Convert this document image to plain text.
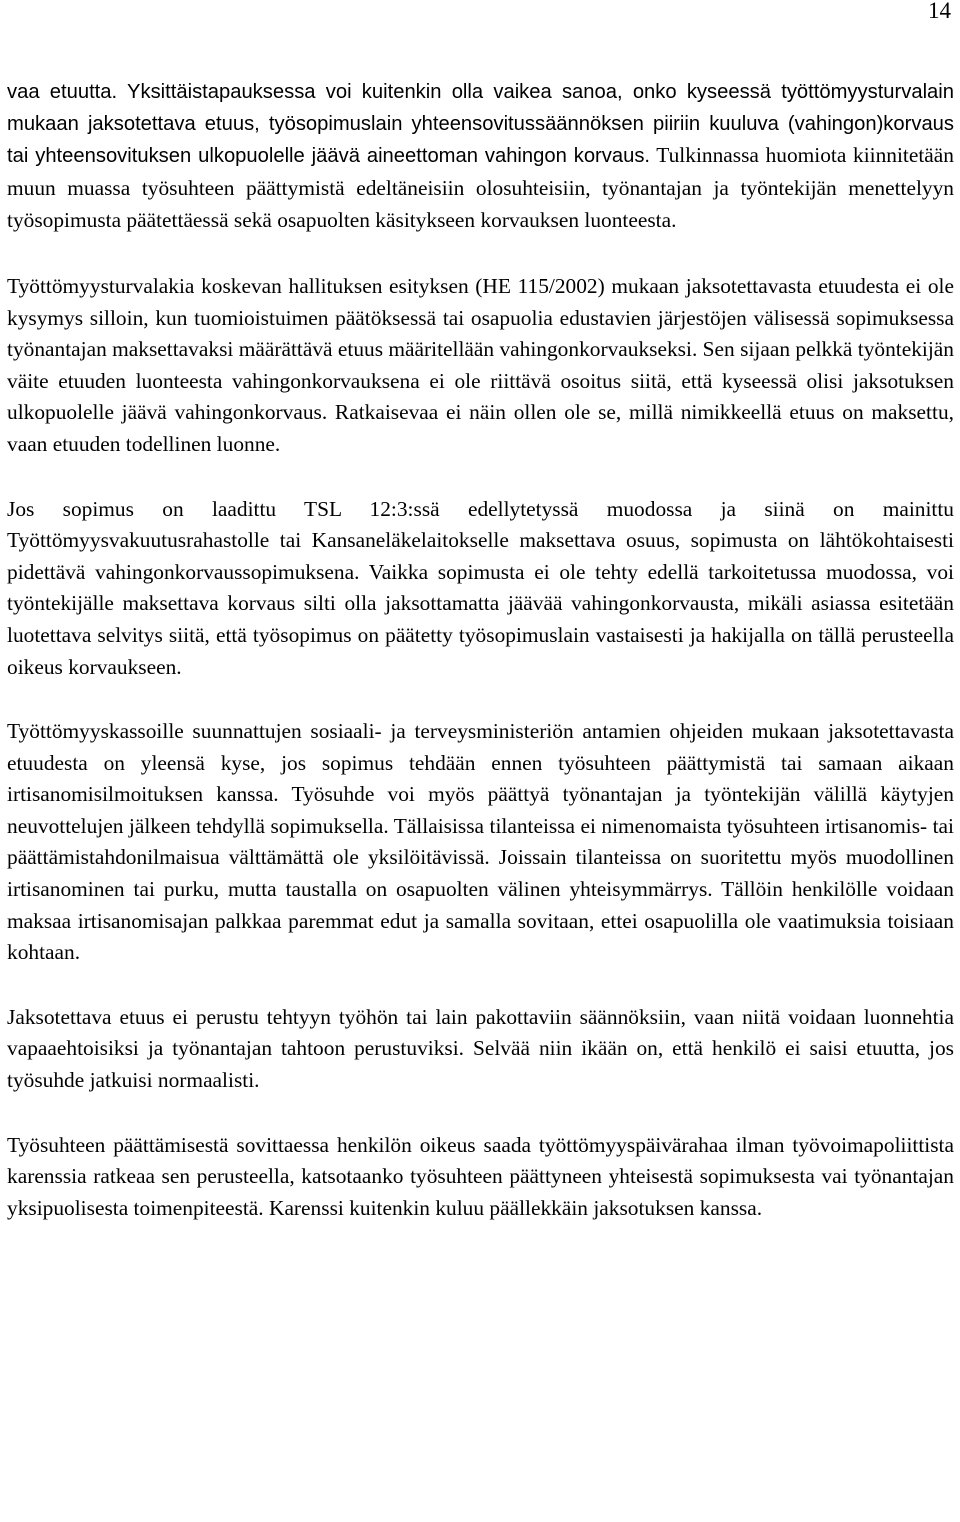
14

vaa etuutta. Yksittäistapauksessa voi kuitenkin olla vaikea sanoa, onko kyseessä työttömyysturvalain mukaan jaksotettava etuus, työsopimuslain yhteensovitussäännöksen piiriin kuuluva (vahingon)korvaus tai yhteensovituksen ulkopuolelle jäävä aineettoman vahingon korvaus. Tulkinnassa huomiota kiinnitetään muun muassa työsuhteen päättymistä edeltäneisiin olosuhteisiin, työnantajan ja työntekijän menettelyyn työsopimusta päätettäessä sekä osapuolten käsitykseen korvauksen luonteesta.

Työttömyysturvalakia koskevan hallituksen esityksen (HE 115/2002) mukaan jaksotettavasta etuudesta ei ole kysymys silloin, kun tuomioistuimen päätöksessä tai osapuolia edustavien järjestöjen välisessä sopimuksessa työnantajan maksettavaksi määrättävä etuus määritellään vahingonkorvaukseksi. Sen sijaan pelkkä työntekijän väite etuuden luonteesta vahingonkorvauksena ei ole riittävä osoitus siitä, että kyseessä olisi jaksotuksen ulkopuolelle jäävä vahingonkorvaus. Ratkaisevaa ei näin ollen ole se, millä nimikkeellä etuus on maksettu, vaan etuuden todellinen luonne.

Jos sopimus on laadittu TSL 12:3:ssä edellytetyssä muodossa ja siinä on mainittu Työttömyysvakuutusrahastolle tai Kansaneläkelaitokselle maksettava osuus, sopimusta on lähtökohtaisesti pidettävä vahingonkorvaussopimuksena. Vaikka sopimusta ei ole tehty edellä tarkoitetussa muodossa, voi työntekijälle maksettava korvaus silti olla jaksottamatta jäävää vahingonkorvausta, mikäli asiassa esitetään luotettava selvitys siitä, että työsopimus on päätetty työsopimuslain vastaisesti ja hakijalla on tällä perusteella oikeus korvaukseen.

Työttömyyskassoille suunnattujen sosiaali- ja terveysministeriön antamien ohjeiden mukaan jaksotettavasta etuudesta on yleensä kyse, jos sopimus tehdään ennen työsuhteen päättymistä tai samaan aikaan irtisanomisilmoituksen kanssa. Työsuhde voi myös päättyä työnantajan ja työntekijän välillä käytyjen neuvottelujen jälkeen tehdyllä sopimuksella. Tällaisissa tilanteissa ei nimenomaista työsuhteen irtisanomis- tai päättämistahdonilmaisua välttämättä ole yksilöitävissä. Joissain tilanteissa on suoritettu myös muodollinen irtisanominen tai purku, mutta taustalla on osapuolten välinen yhteisymmärrys. Tällöin henkilölle voidaan maksaa irtisanomisajan palkkaa paremmat edut ja samalla sovitaan, ettei osapuolilla ole vaatimuksia toisiaan kohtaan.

Jaksotettava etuus ei perustu tehtyyn työhön tai lain pakottaviin säännöksiin, vaan niitä voidaan luonnehtia vapaaehtoisiksi ja työnantajan tahtoon perustuviksi. Selvää niin ikään on, että henkilö ei saisi etuutta, jos työsuhde jatkuisi normaalisti.

Työsuhteen päättämisestä sovittaessa henkilön oikeus saada työttömyyspäivärahaa ilman työvoimapoliittista karenssia ratkeaa sen perusteella, katsotaanko työsuhteen päättyneen yhteisestä sopimuksesta vai työnantajan yksipuolisesta toimenpiteestä. Karenssi kuitenkin kuluu päällekkäin jaksotuksen kanssa.
